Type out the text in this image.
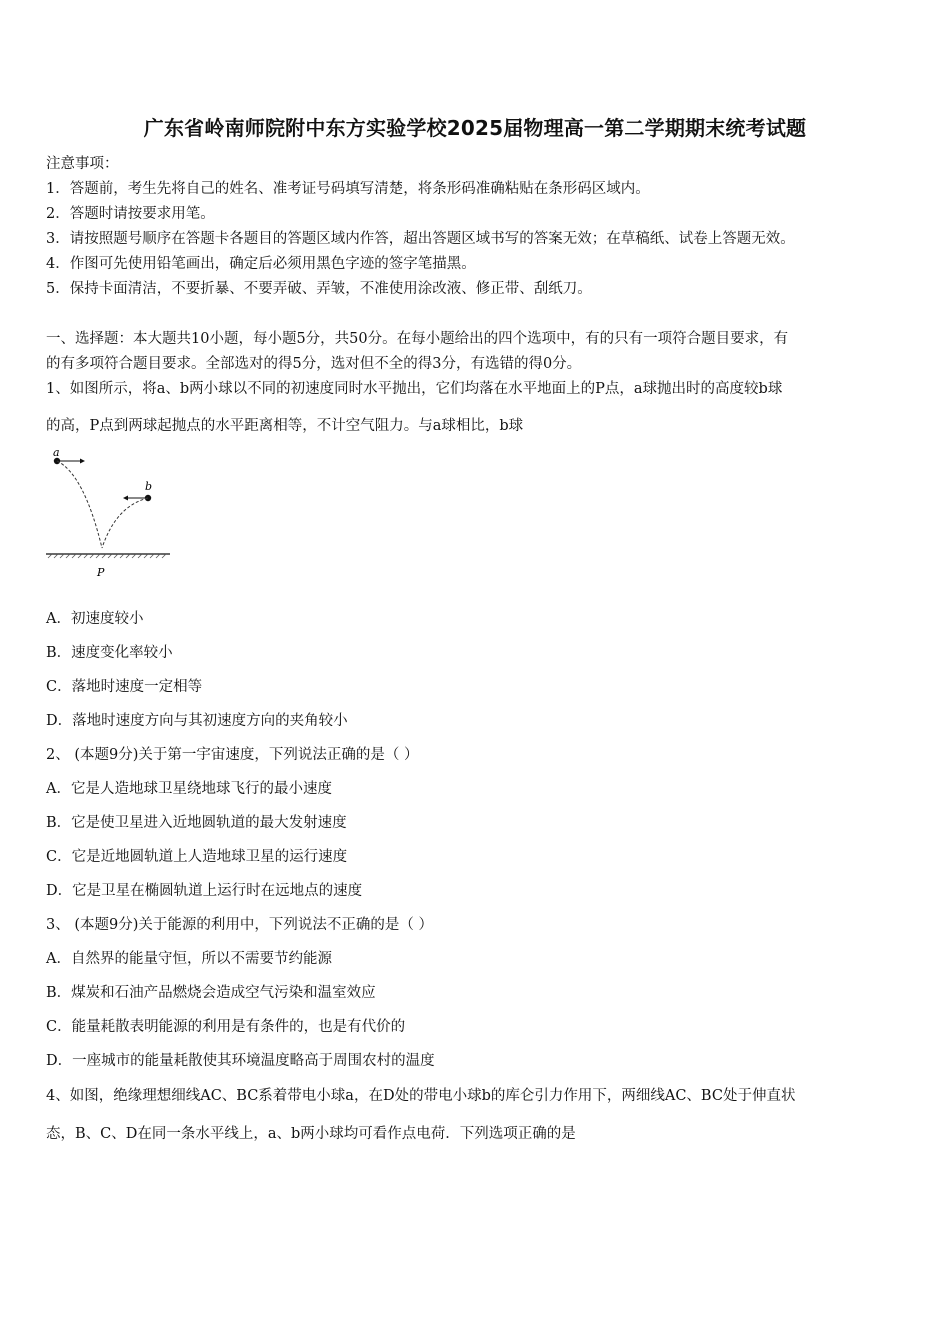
广东省岭南师院附中东方实验学校2025届物理高一第二学期期末统考试题
注意事项：
1．答题前，考生先将自己的姓名、准考证号码填写清楚，将条形码准确粘贴在条形码区域内。
2．答题时请按要求用笔。
3．请按照题号顺序在答题卡各题目的答题区域内作答，超出答题区域书写的答案无效；在草稿纸、试卷上答题无效。
4．作图可先使用铅笔画出，确定后必须用黑色字迹的签字笔描黑。
5．保持卡面清洁，不要折暴、不要弄破、弄皱，不准使用涂改液、修正带、刮纸刀。
一、选择题：本大题共10小题，每小题5分，共50分。在每小题给出的四个选项中，有的只有一项符合题目要求，有
的有多项符合题目要求。全部选对的得5分，选对但不全的得3分，有选错的得0分。
1、如图所示，将a、b两小球以不同的初速度同时水平抛出，它们均落在水平地面上的P点，a球抛出时的高度较b球
的高，P点到两球起抛点的水平距离相等，不计空气阻力。与a球相比，b球
a
b
P
A．初速度较小
B．速度变化率较小
C．落地时速度一定相等
D．落地时速度方向与其初速度方向的夹角较小
2、 (本题9分)关于第一宇宙速度，下列说法正确的是（ ）
A．它是人造地球卫星绕地球飞行的最小速度
B．它是使卫星进入近地圆轨道的最大发射速度
C．它是近地圆轨道上人造地球卫星的运行速度
D．它是卫星在椭圆轨道上运行时在远地点的速度
3、 (本题9分)关于能源的利用中，下列说法不正确的是（ ）
A．自然界的能量守恒，所以不需要节约能源
B．煤炭和石油产品燃烧会造成空气污染和温室效应
C．能量耗散表明能源的利用是有条件的，也是有代价的
D．一座城市的能量耗散使其环境温度略高于周围农村的温度
4、如图，绝缘理想细线AC、BC系着带电小球a，在D处的带电小球b的库仑引力作用下，两细线AC、BC处于伸直状
态，B、C、D在同一条水平线上，a、b两小球均可看作点电荷．下列选项正确的是
